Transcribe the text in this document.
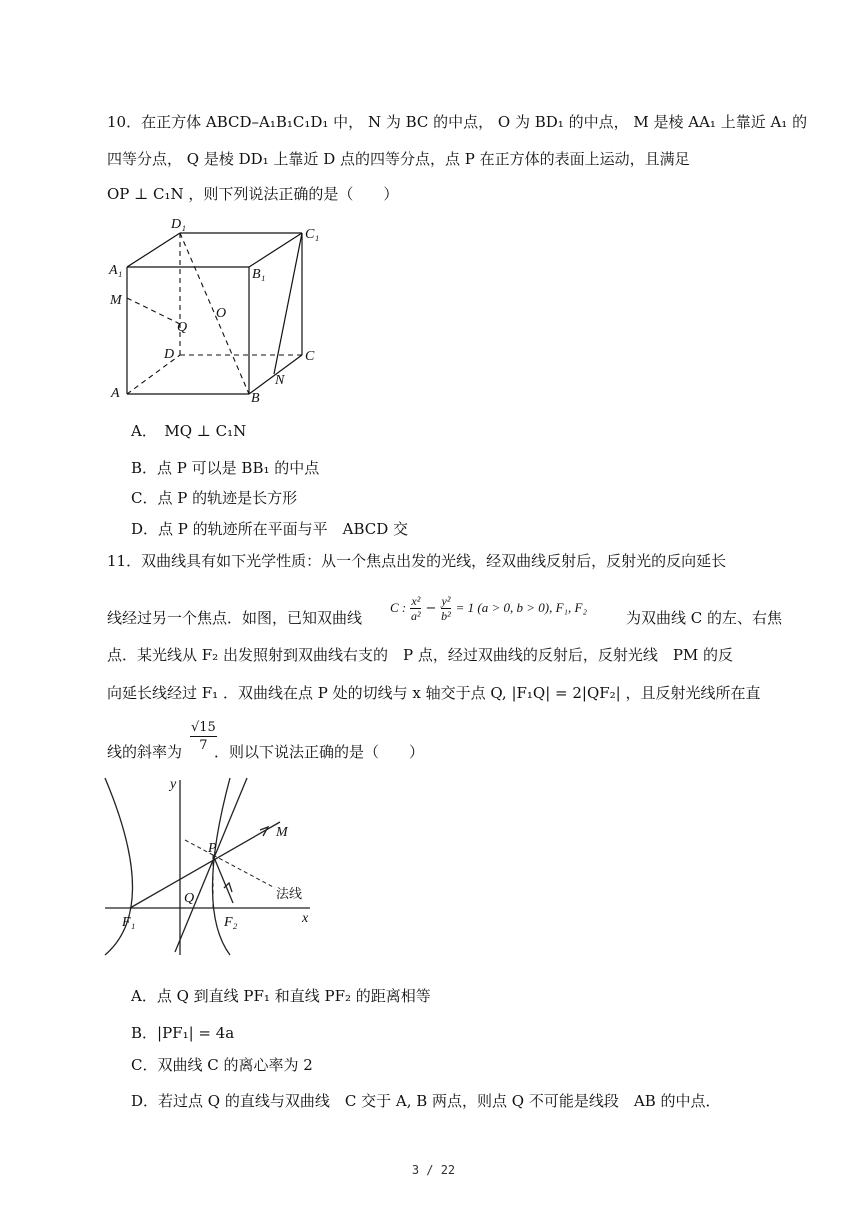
10．在正方体 ABCD–A₁B₁C₁D₁ 中， N 为 BC 的中点， O 为 BD₁ 的中点， M 是棱 AA₁ 上靠近 A₁ 的
四等分点， Q 是棱 DD₁ 上靠近 D 点的四等分点，点 P 在正方体的表面上运动，且满足
OP ⊥ C₁N ，则下列说法正确的是（　　）
D₁
C₁
A₁	B₁
M
Q
O
D	C
N
A	B
A．　MQ ⊥ C₁N
B．点 P 可以是 BB₁ 的中点
C．点 P 的轨迹是长方形
D．点 P 的轨迹所在平面与平　ABCD 交
11．双曲线具有如下光学性质：从一个焦点出发的光线，经双曲线反射后，反射光的反向延长
线经过另一个焦点．如图，已知双曲线
C : $\frac{\text{x²}}{\text{a²}} - \frac{\text{y²}}{\text{b²}} = 1$ (a > 0, b > 0), F₁, F₂
为双曲线 C 的左、右焦
点．某光线从 F₂ 出发照射到双曲线右支的　P 点，经过双曲线的反射后，反射光线　PM 的反
向延长线经过 F₁ ．双曲线在点 P 处的切线与 x 轴交于点 Q, |F₁Q| = 2|QF₂| ，且反射光线所在直
线的斜率为 $\frac{√15}{7}$
．则以下说法正确的是（　　）
y
M
P
法线
Q
F₁	F₂	x
A．点 Q 到直线 PF₁ 和直线 PF₂ 的距离相等
B．|PF₁| = 4a
C．双曲线 C 的离心率为 2
D．若过点 Q 的直线与双曲线　C 交于 A, B 两点，则点 Q 不可能是线段　AB 的中点．
3 / 22
